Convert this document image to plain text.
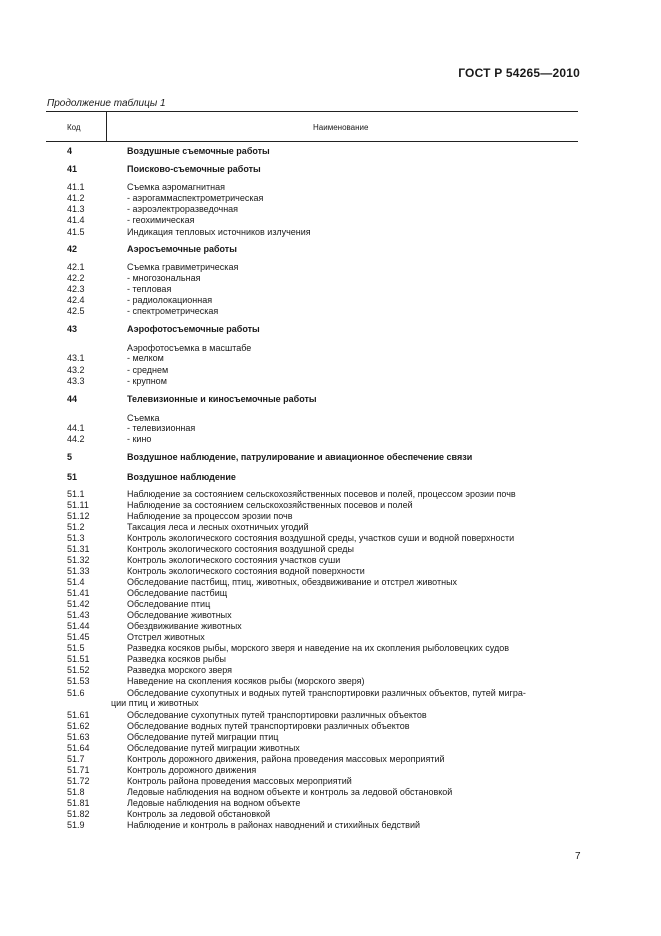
ГОСТ Р 54265—2010
Продолжение таблицы 1
Код	Наименование
4	Воздушные съемочные работы
41	Поисково-съемочные работы
41.1	Съемка аэромагнитная
41.2	- аэрогаммаспектрометрическая
41.3	- аэроэлектроразведочная
41.4	- геохимическая
41.5	Индикация тепловых источников излучения
42	Аэросъемочные работы
42.1	Съемка гравиметрическая
42.2	- многозональная
42.3	- тепловая
42.4	- радиолокационная
42.5	- спектрометрическая
43	Аэрофотосъемочные работы
Аэрофотосъемка в масштабе
43.1	- мелком
43.2	- среднем
43.3	- крупном
44	Телевизионные и киносъемочные работы
Съемка
44.1	- телевизионная
44.2	- кино
5	Воздушное наблюдение, патрулирование и авиационное обеспечение связи
51	Воздушное наблюдение
51.1	Наблюдение за состоянием сельскохозяйственных посевов и полей, процессом эрозии почв
51.11	Наблюдение за состоянием сельскохозяйственных посевов и полей
51.12	Наблюдение за процессом эрозии почв
51.2	Таксация леса и лесных охотничьих угодий
51.3	Контроль экологического состояния воздушной среды, участков суши и водной поверхности
51.31	Контроль экологического состояния воздушной среды
51.32	Контроль экологического состояния участков суши
51.33	Контроль экологического состояния водной поверхности
51.4	Обследование пастбищ, птиц, животных, обездвиживание и отстрел животных
51.41	Обследование пастбищ
51.42	Обследование птиц
51.43	Обследование животных
51.44	Обездвиживание животных
51.45	Отстрел животных
51.5	Разведка косяков рыбы, морского зверя и наведение на их скопления рыболовецких судов
51.51	Разведка косяков рыбы
51.52	Разведка морского зверя
51.53	Наведение на скопления косяков рыбы (морского зверя)
51.6	Обследование сухопутных и водных путей транспортировки различных объектов, путей мигра-
ции птиц и животных
51.61	Обследование сухопутных путей транспортировки различных объектов
51.62	Обследование водных путей транспортировки различных объектов
51.63	Обследование путей миграции птиц
51.64	Обследование путей миграции животных
51.7	Контроль дорожного движения, района проведения массовых мероприятий
51.71	Контроль дорожного движения
51.72	Контроль района проведения массовых мероприятий
51.8	Ледовые наблюдения на водном объекте и контроль за ледовой обстановкой
51.81	Ледовые наблюдения на водном объекте
51.82	Контроль за ледовой обстановкой
51.9	Наблюдение и контроль в районах наводнений и стихийных бедствий
7
